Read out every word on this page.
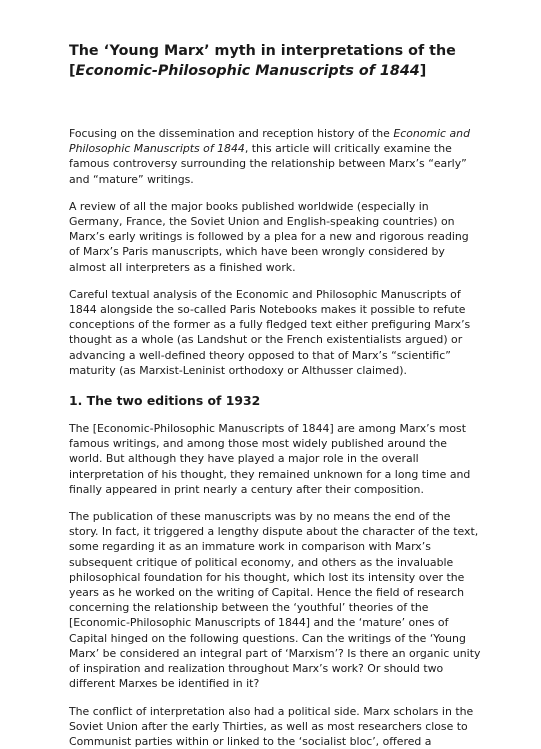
The ‘Young Marx’ myth in interpretations of the
[Economic-Philosophic Manuscripts of 1844]

Focusing on the dissemination and reception history of the Economic and Philosophic Manuscripts of 1844, this article will critically examine the famous controversy surrounding the relationship between Marx’s “early” and “mature” writings.

A review of all the major books published worldwide (especially in Germany, France, the Soviet Union and English-speaking countries) on Marx’s early writings is followed by a plea for a new and rigorous reading of Marx’s Paris manuscripts, which have been wrongly considered by almost all interpreters as a finished work.

Careful textual analysis of the Economic and Philosophic Manuscripts of 1844 alongside the so-called Paris Notebooks makes it possible to refute conceptions of the former as a fully fledged text either prefiguring Marx’s thought as a whole (as Landshut or the French existentialists argued) or advancing a well-defined theory opposed to that of Marx’s “scientific” maturity (as Marxist-Leninist orthodoxy or Althusser claimed).

1. The two editions of 1932

The [Economic-Philosophic Manuscripts of 1844] are among Marx’s most famous writings, and among those most widely published around the world. But although they have played a major role in the overall interpretation of his thought, they remained unknown for a long time and finally appeared in print nearly a century after their composition.

The publication of these manuscripts was by no means the end of the story. In fact, it triggered a lengthy dispute about the character of the text, some regarding it as an immature work in comparison with Marx’s subsequent critique of political economy, and others as the invaluable philosophical foundation for his thought, which lost its intensity over the years as he worked on the writing of Capital. Hence the field of research concerning the relationship between the ‘youthful’ theories of the [Economic-Philosophic Manuscripts of 1844] and the ‘mature’ ones of Capital hinged on the following questions. Can the writings of the ‘Young Marx’ be considered an integral part of ‘Marxism’? Is there an organic unity of inspiration and realization throughout Marx’s work? Or should two different Marxes be identified in it?

The conflict of interpretation also had a political side. Marx scholars in the Soviet Union after the early Thirties, as well as most researchers close to Communist parties within or linked to the ‘socialist bloc’, offered a
